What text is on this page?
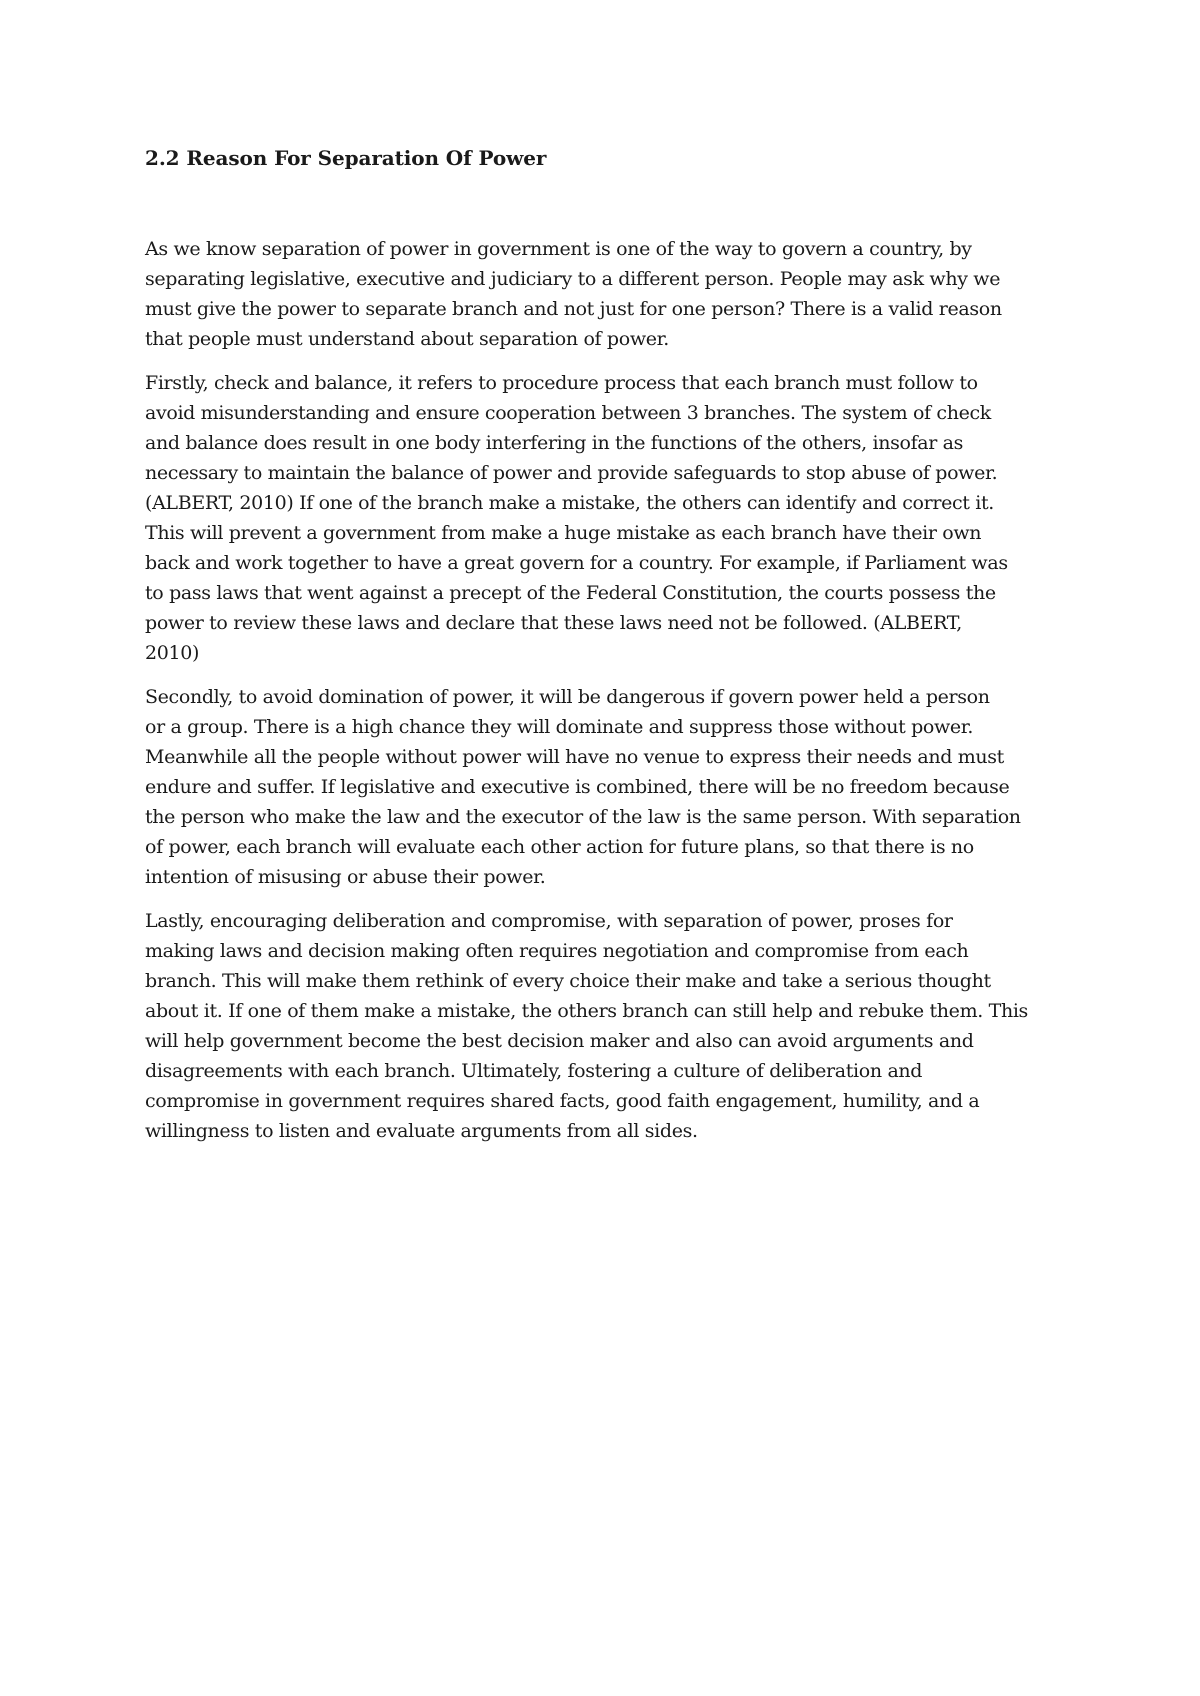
2.2 Reason For Separation Of Power

As we know separation of power in government is one of the way to govern a country, by
separating legislative, executive and judiciary to a different person. People may ask why we
must give the power to separate branch and not just for one person? There is a valid reason
that people must understand about separation of power.

Firstly, check and balance, it refers to procedure process that each branch must follow to
avoid misunderstanding and ensure cooperation between 3 branches. The system of check
and balance does result in one body interfering in the functions of the others, insofar as
necessary to maintain the balance of power and provide safeguards to stop abuse of power.
(ALBERT, 2010) If one of the branch make a mistake, the others can identify and correct it.
This will prevent a government from make a huge mistake as each branch have their own
back and work together to have a great govern for a country. For example, if Parliament was
to pass laws that went against a precept of the Federal Constitution, the courts possess the
power to review these laws and declare that these laws need not be followed. (ALBERT,
2010)

Secondly, to avoid domination of power, it will be dangerous if govern power held a person
or a group. There is a high chance they will dominate and suppress those without power.
Meanwhile all the people without power will have no venue to express their needs and must
endure and suffer. If legislative and executive is combined, there will be no freedom because
the person who make the law and the executor of the law is the same person. With separation
of power, each branch will evaluate each other action for future plans, so that there is no
intention of misusing or abuse their power.

Lastly, encouraging deliberation and compromise, with separation of power, proses for
making laws and decision making often requires negotiation and compromise from each
branch. This will make them rethink of every choice their make and take a serious thought
about it. If one of them make a mistake, the others branch can still help and rebuke them. This
will help government become the best decision maker and also can avoid arguments and
disagreements with each branch. Ultimately, fostering a culture of deliberation and
compromise in government requires shared facts, good faith engagement, humility, and a
willingness to listen and evaluate arguments from all sides.
